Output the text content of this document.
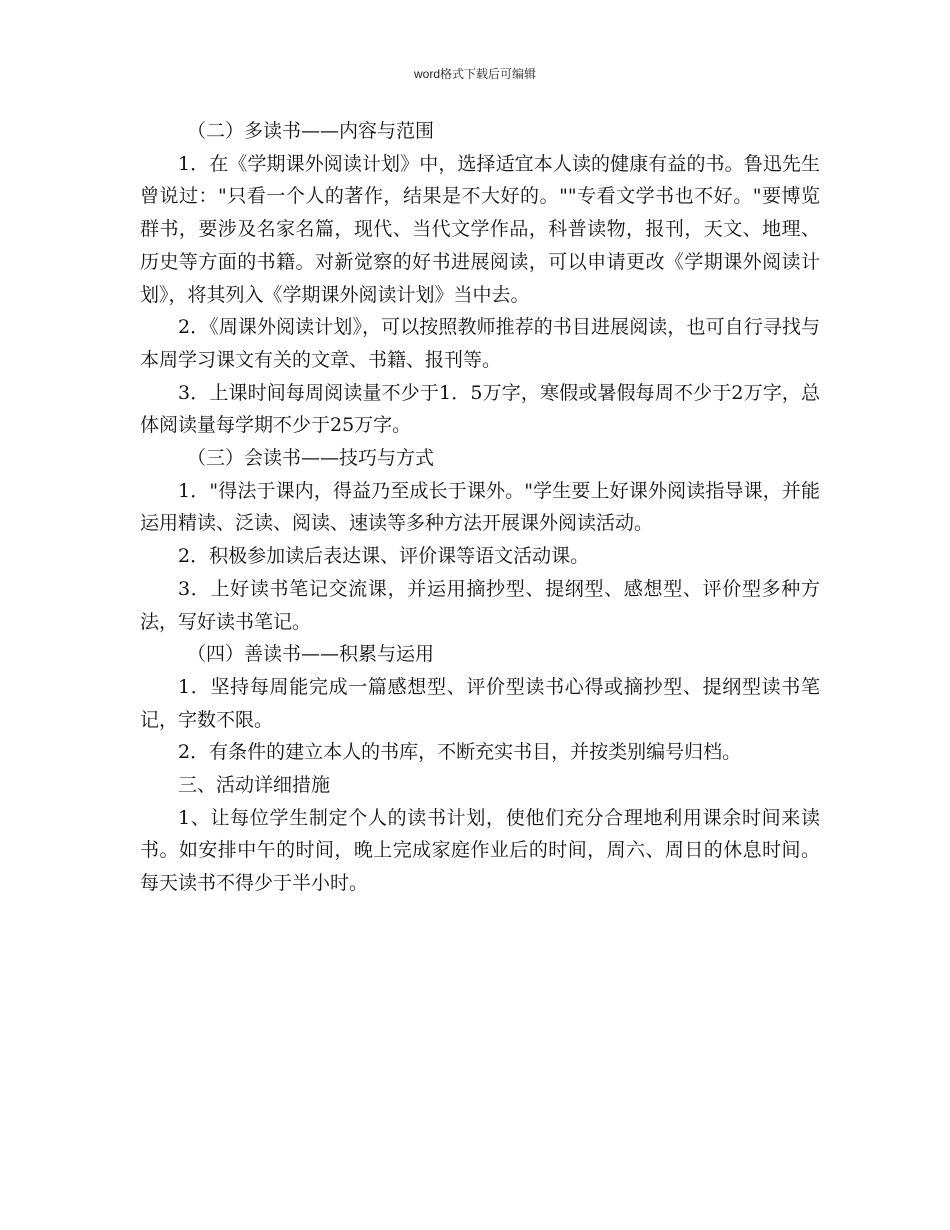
word格式下载后可编辑

（二）多读书——内容与范围

1．在《学期课外阅读计划》中，选择适宜本人读的健康有益的书。鲁迅先生曾说过："只看一个人的著作，结果是不大好的。""专看文学书也不好。"要博览群书，要涉及名家名篇，现代、当代文学作品，科普读物，报刊，天文、地理、历史等方面的书籍。对新觉察的好书进展阅读，可以申请更改《学期课外阅读计划》，将其列入《学期课外阅读计划》当中去。

2．《周课外阅读计划》，可以按照教师推荐的书目进展阅读，也可自行寻找与本周学习课文有关的文章、书籍、报刊等。

3．上课时间每周阅读量不少于1．5万字，寒假或暑假每周不少于2万字，总体阅读量每学期不少于25万字。

（三）会读书——技巧与方式

1．"得法于课内，得益乃至成长于课外。"学生要上好课外阅读指导课，并能运用精读、泛读、阅读、速读等多种方法开展课外阅读活动。

2．积极参加读后表达课、评价课等语文活动课。

3．上好读书笔记交流课，并运用摘抄型、提纲型、感想型、评价型多种方法，写好读书笔记。

（四）善读书——积累与运用

1．坚持每周能完成一篇感想型、评价型读书心得或摘抄型、提纲型读书笔记，字数不限。

2．有条件的建立本人的书库，不断充实书目，并按类别编号归档。

三、活动详细措施

1、让每位学生制定个人的读书计划，使他们充分合理地利用课余时间来读书。如安排中午的时间，晚上完成家庭作业后的时间，周六、周日的休息时间。每天读书不得少于半小时。
